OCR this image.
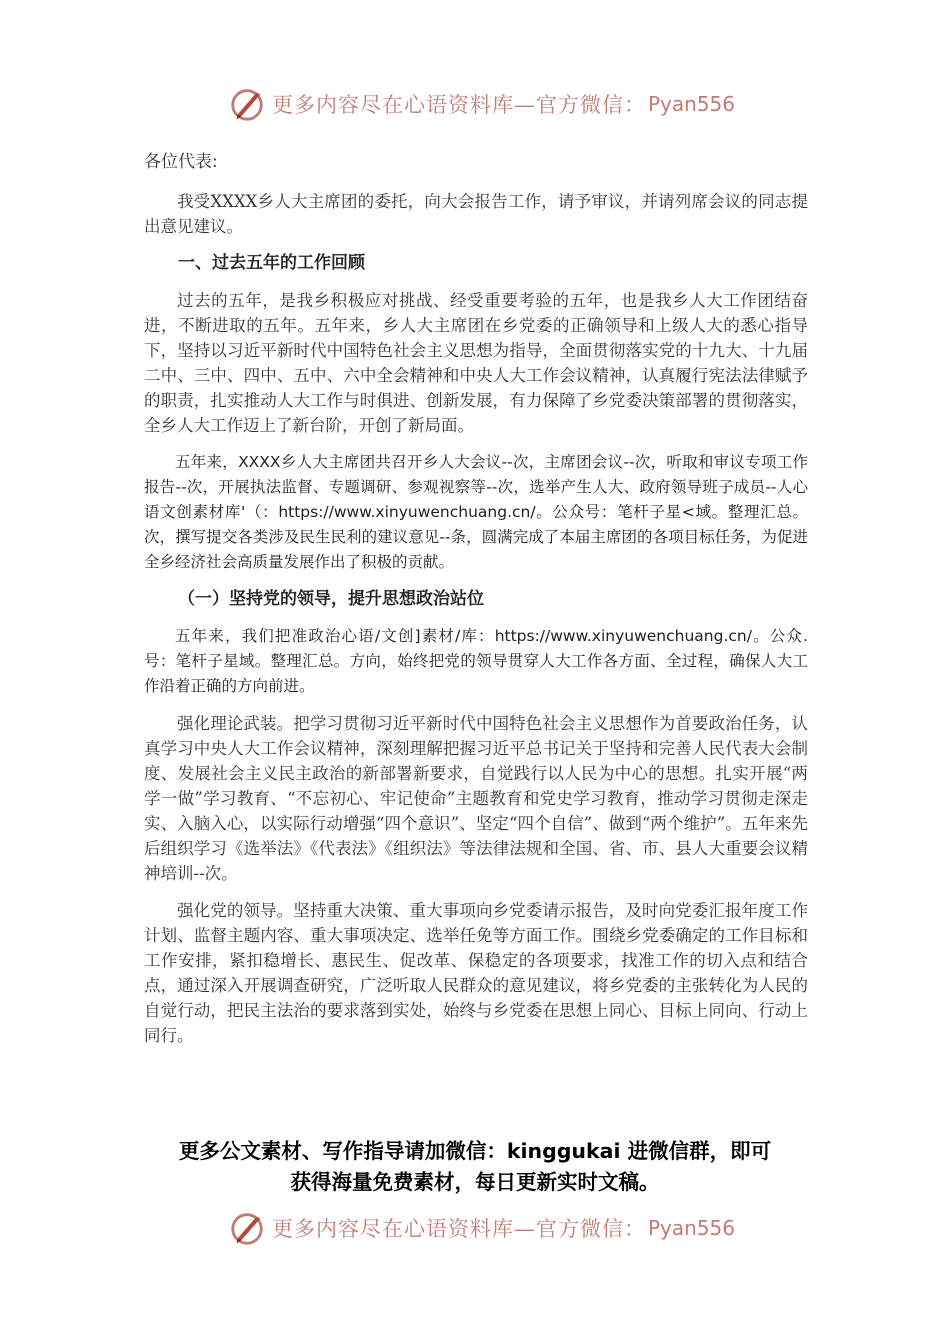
更多内容尽在心语资料库—官方微信： Pyan556
各位代表:

我受XXXX乡人大主席团的委托，向大会报告工作，请予审议，并请列席会议的同志提出意见建议。

一、过去五年的工作回顾

过去的五年，是我乡积极应对挑战、经受重要考验的五年，也是我乡人大工作团结奋进，不断进取的五年。五年来，乡人大主席团在乡党委的正确领导和上级人大的悉心指导下，坚持以习近平新时代中国特色社会主义思想为指导，全面贯彻落实党的十九大、十九届二中、三中、四中、五中、六中全会精神和中央人大工作会议精神，认真履行宪法法律赋予的职责，扎实推动人大工作与时俱进、创新发展，有力保障了乡党委决策部署的贯彻落实，全乡人大工作迈上了新台阶，开创了新局面。

五年来，XXXX乡人大主席团共召开乡人大会议--次，主席团会议--次，听取和审议专项工作报告--次，开展执法监督、专题调研、参观视察等--次，选举产生人大、政府领导班子成员--人心语文创素材库'（：https://www.xinyuwenchuang.cn/。公众号：笔杆子星<域。整理汇总。次，撰写提交各类涉及民生民利的建议意见--条，圆满完成了本届主席团的各项目标任务，为促进全乡经济社会高质量发展作出了积极的贡献。

（一）坚持党的领导，提升思想政治站位

五年来，我们把准政治心语/文创]素材/库：https://www.xinyuwenchuang.cn/。公众.号：笔杆子星域。整理汇总。方向，始终把党的领导贯穿人大工作各方面、全过程，确保人大工作沿着正确的方向前进。

强化理论武装。把学习贯彻习近平新时代中国特色社会主义思想作为首要政治任务，认真学习中央人大工作会议精神，深刻理解把握习近平总书记关于坚持和完善人民代表大会制度、发展社会主义民主政治的新部署新要求，自觉践行以人民为中心的思想。扎实开展“两学一做”学习教育、“不忘初心、牢记使命”主题教育和党史学习教育，推动学习贯彻走深走实、入脑入心，以实际行动增强“四个意识”、坚定“四个自信”、做到“两个维护”。五年来先后组织学习《选举法》《代表法》《组织法》等法律法规和全国、省、市、县人大重要会议精神培训--次。

强化党的领导。坚持重大决策、重大事项向乡党委请示报告，及时向党委汇报年度工作计划、监督主题内容、重大事项决定、选举任免等方面工作。围绕乡党委确定的工作目标和工作安排，紧扣稳增长、惠民生、促改革、保稳定的各项要求，找准工作的切入点和结合点，通过深入开展调查研究，广泛听取人民群众的意见建议，将乡党委的主张转化为人民的自觉行动，把民主法治的要求落到实处，始终与乡党委在思想上同心、目标上同向、行动上同行。

更多公文素材、写作指导请加微信：kinggukai 进微信群，即可
获得海量免费素材，每日更新实时文稿。
更多内容尽在心语资料库—官方微信： Pyan556
